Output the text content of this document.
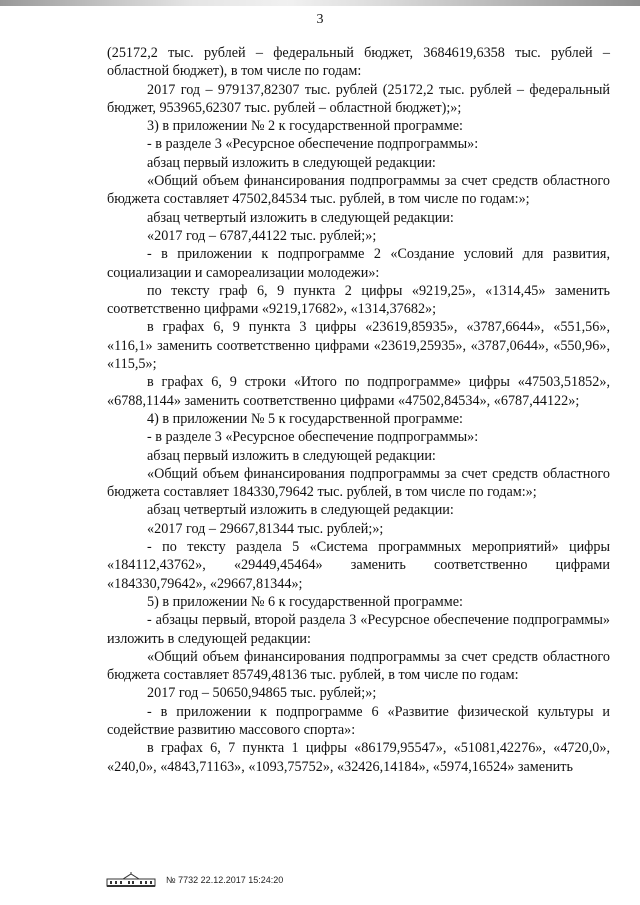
3

(25172,2 тыс. рублей – федеральный бюджет, 3684619,6358 тыс. рублей – областной бюджет), в том числе по годам:

2017 год – 979137,82307 тыс. рублей (25172,2 тыс. рублей – федеральный бюджет, 953965,62307 тыс. рублей – областной бюджет);»;

3) в приложении № 2 к государственной программе:

- в разделе 3 «Ресурсное обеспечение подпрограммы»:

абзац первый изложить в следующей редакции:

«Общий объем финансирования подпрограммы за счет средств областного бюджета составляет 47502,84534 тыс. рублей, в том числе по годам:»;

абзац четвертый изложить в следующей редакции:

«2017 год – 6787,44122 тыс. рублей;»;

- в приложении к подпрограмме 2 «Создание условий для развития, социализации и самореализации молодежи»:

по тексту граф 6, 9 пункта 2 цифры «9219,25», «1314,45» заменить соответственно цифрами «9219,17682», «1314,37682»;

в графах 6, 9 пункта 3 цифры «23619,85935», «3787,6644», «551,56», «116,1» заменить соответственно цифрами «23619,25935», «3787,0644», «550,96», «115,5»;

в графах 6, 9 строки «Итого по подпрограмме» цифры «47503,51852», «6788,1144» заменить соответственно цифрами «47502,84534», «6787,44122»;

4) в приложении № 5 к государственной программе:

- в разделе 3 «Ресурсное обеспечение подпрограммы»:

абзац первый изложить в следующей редакции:

«Общий объем финансирования подпрограммы за счет средств областного бюджета составляет 184330,79642 тыс. рублей, в том числе по годам:»;

абзац четвертый изложить в следующей редакции:

«2017 год – 29667,81344 тыс. рублей;»;

- по тексту раздела 5 «Система программных мероприятий» цифры «184112,43762», «29449,45464» заменить соответственно цифрами «184330,79642», «29667,81344»;

5) в приложении № 6 к государственной программе:

- абзацы первый, второй раздела 3 «Ресурсное обеспечение подпрограммы» изложить в следующей редакции:

«Общий объем финансирования подпрограммы за счет средств областного бюджета составляет 85749,48136 тыс. рублей, в том числе по годам:

2017 год – 50650,94865 тыс. рублей;»;

- в приложении к подпрограмме 6 «Развитие физической культуры и содействие развитию массового спорта»:

в графах 6, 7 пункта 1 цифры «86179,95547», «51081,42276», «4720,0», «240,0», «4843,71163», «1093,75752», «32426,14184», «5974,16524» заменить

№ 7732 22.12.2017 15:24:20
